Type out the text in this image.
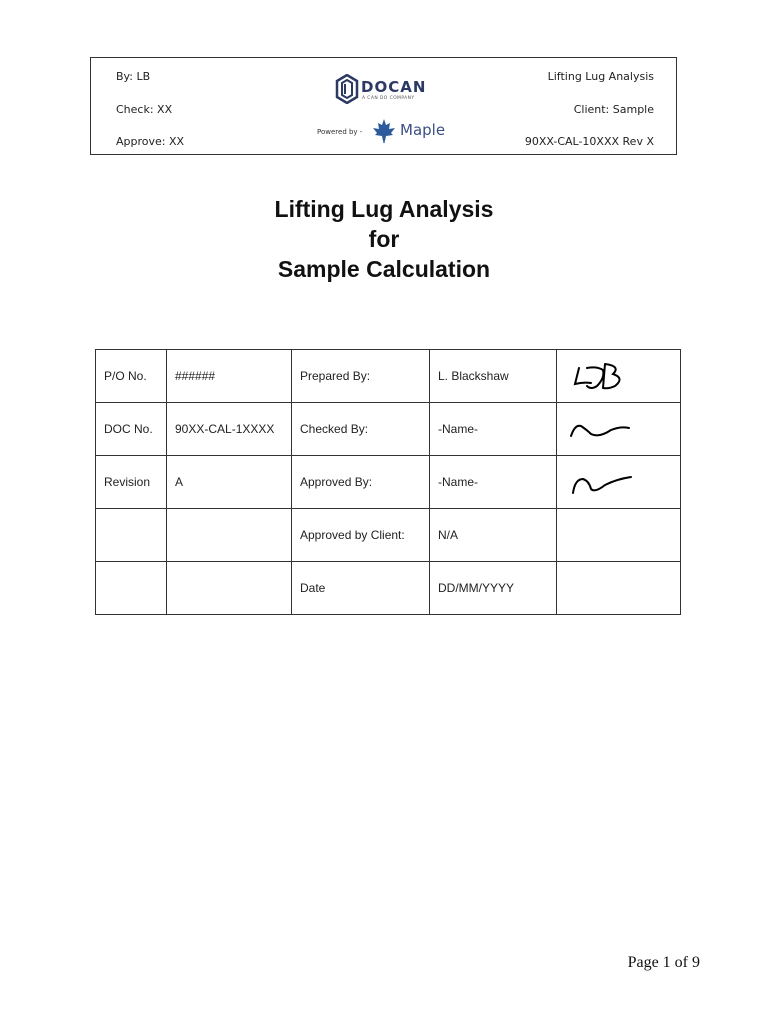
By: LB
Check: XX
Approve: XX
DOCAN
A CAN DO COMPANY
Powered by -	Maple
Lifting Lug Analysis
Client: Sample
90XX-CAL-10XXX Rev X
Lifting Lug Analysis
for
Sample Calculation
P/O No.	######	Prepared By:	L. Blackshaw	

DOC No.	90XX-CAL-1XXXX	Checked By:	-Name-	

Revision	A	Approved By:	-Name-	

		Approved by Client:	N/A	
		Date	DD/MM/YYYY	
Page 1 of 9
